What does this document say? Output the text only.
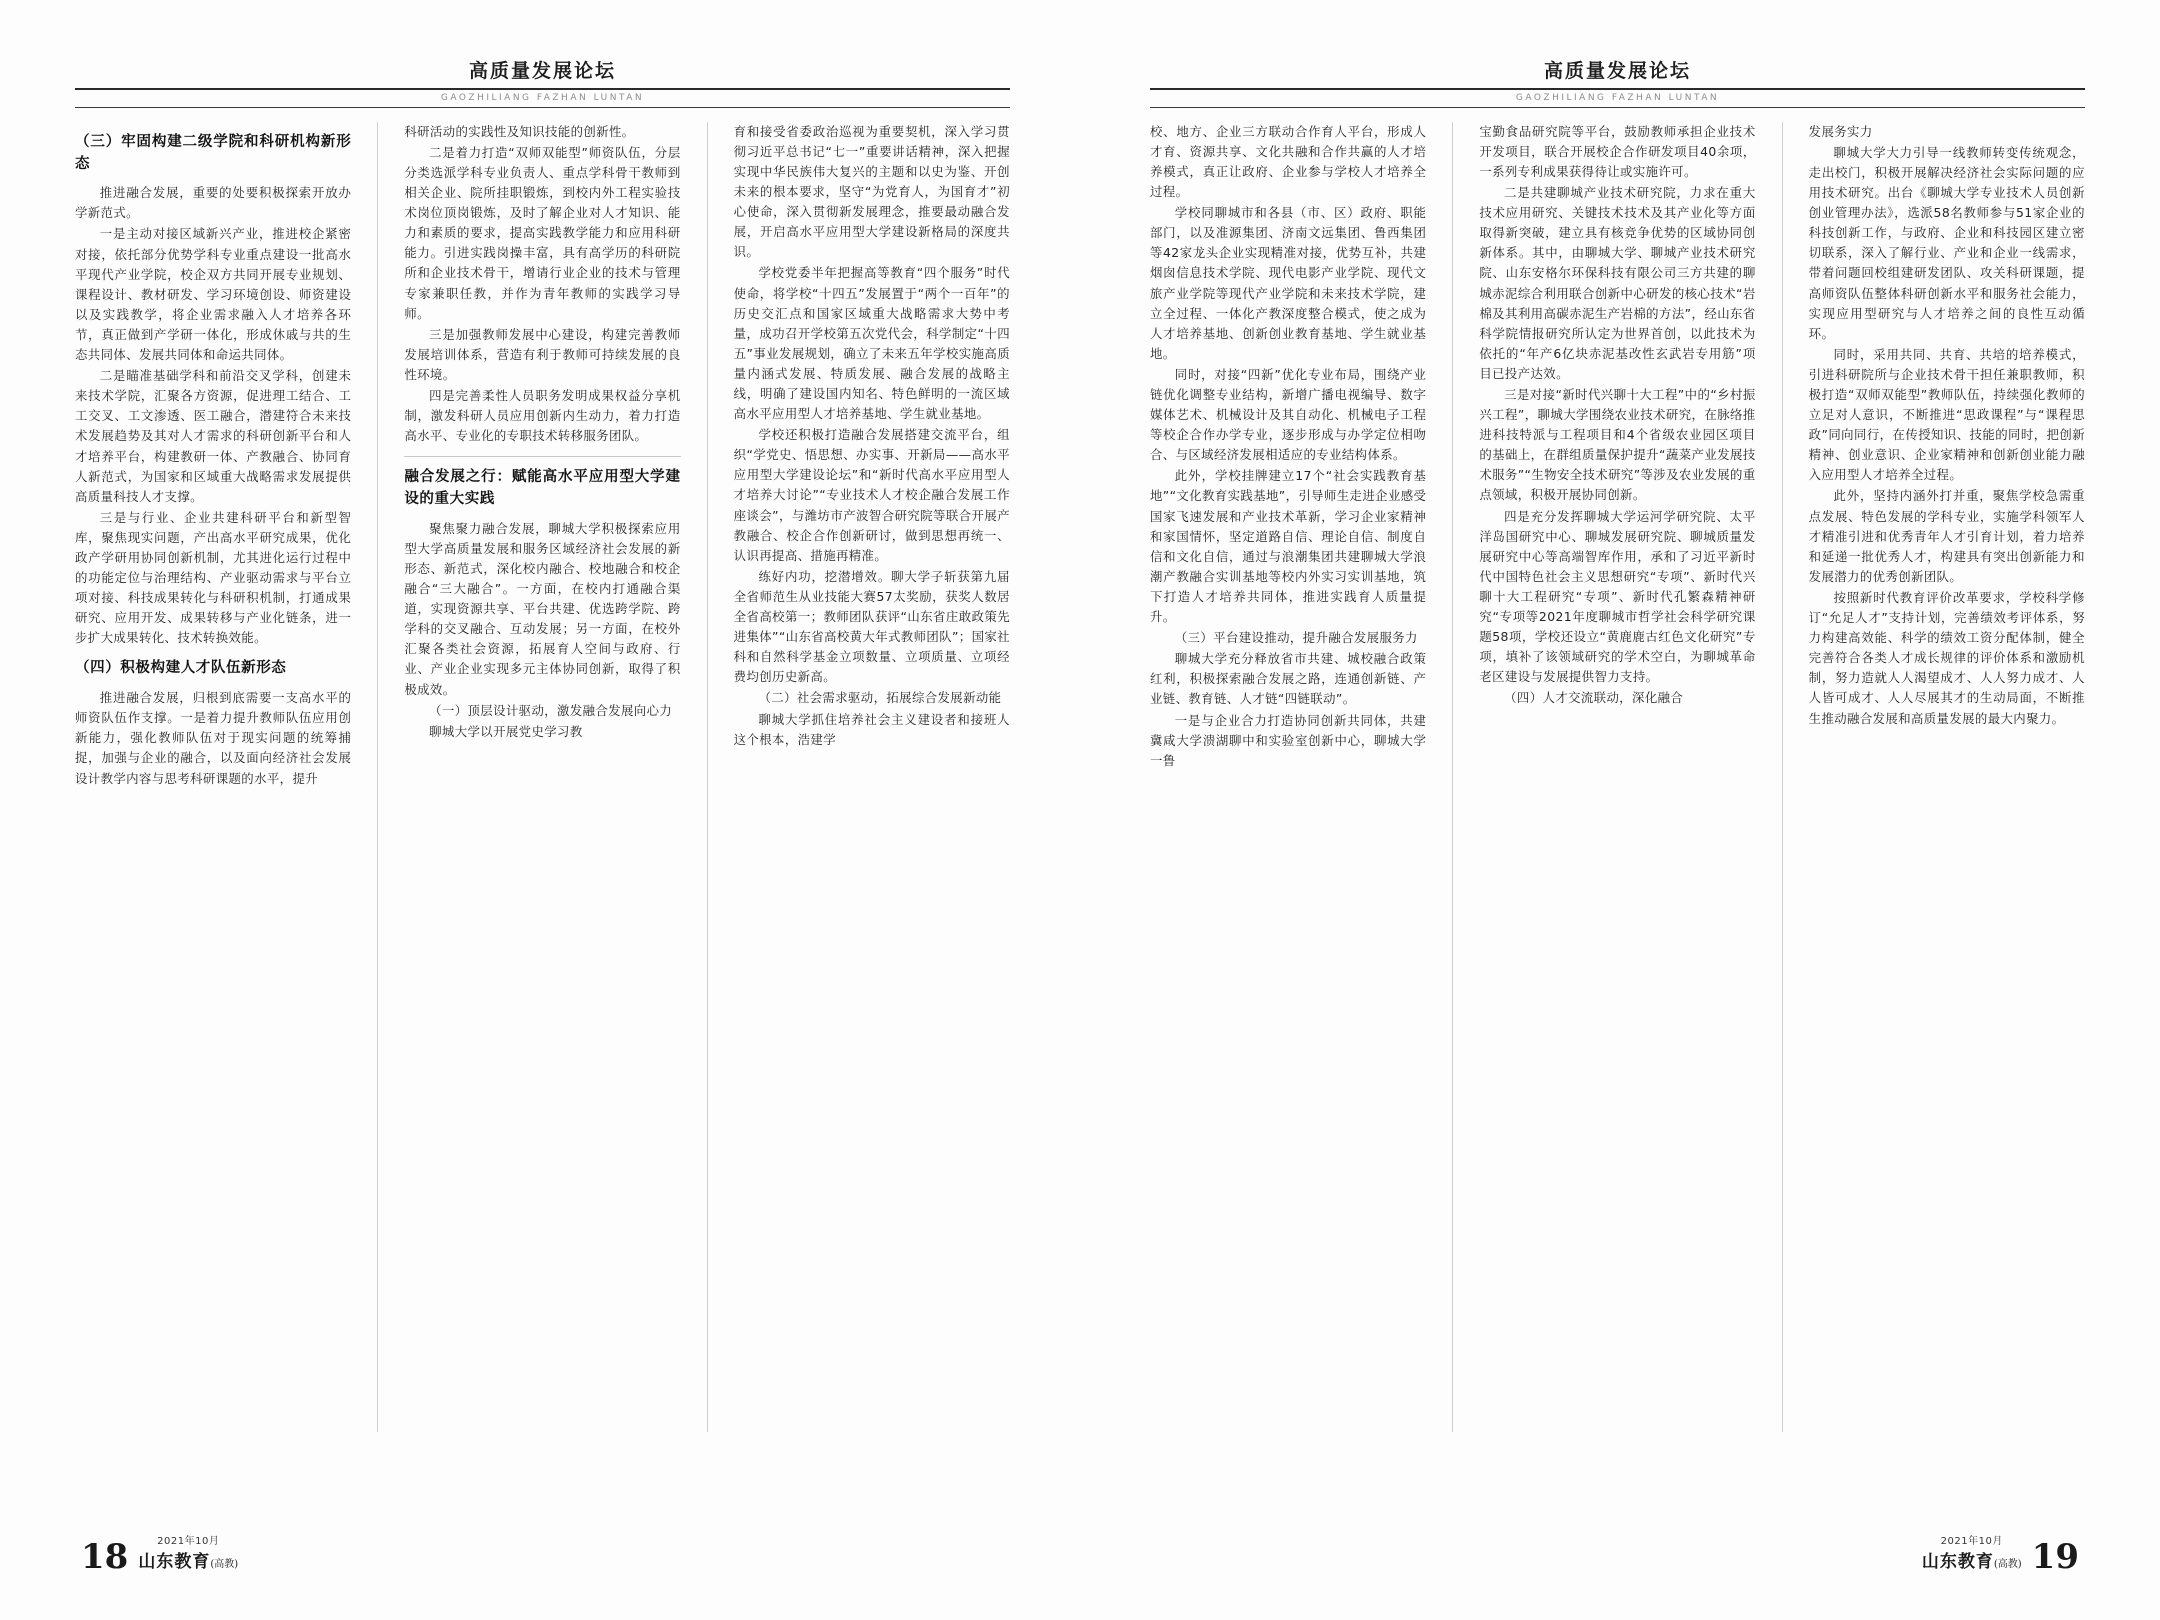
高质量发展论坛
GAOZHILIANG FAZHAN LUNTAN

（三）牢固构建二级学院和科研机构新形态

推进融合发展，重要的处要积极探索开放办学新范式。

一是主动对接区域新兴产业，推进校企紧密对接，依托部分优势学科专业重点建设一批高水平现代产业学院，校企双方共同开展专业规划、课程设计、教材研发、学习环境创设、师资建设以及实践教学，将企业需求融入人才培养各环节，真正做到产学研一体化，形成休戚与共的生态共同体、发展共同体和命运共同体。

二是瞄准基础学科和前沿交叉学科，创建未来技术学院，汇聚各方资源，促进理工结合、工工交叉、工文渗透、医工融合，潜建符合未来技术发展趋势及其对人才需求的科研创新平台和人才培养平台，构建教研一体、产教融合、协同育人新范式，为国家和区域重大战略需求发展提供高质量科技人才支撑。

三是与行业、企业共建科研平台和新型智库，聚焦现实问题，产出高水平研究成果，优化政产学研用协同创新机制，尤其进化运行过程中的功能定位与治理结构、产业驱动需求与平台立项对接、科技成果转化与科研积机制，打通成果研究、应用开发、成果转移与产业化链条，进一步扩大成果转化、技术转换效能。

（四）积极构建人才队伍新形态

推进融合发展，归根到底需要一支高水平的师资队伍作支撑。一是着力提升教师队伍应用创新能力，强化教师队伍对于现实问题的统筹捕捉，加强与企业的融合，以及面向经济社会发展设计教学内容与思考科研课题的水平，提升

科研活动的实践性及知识技能的创新性。

二是着力打造“双师双能型”师资队伍，分层分类选派学科专业负责人、重点学科骨干教师到相关企业、院所挂职锻炼，到校内外工程实验技术岗位顶岗锻炼，及时了解企业对人才知识、能力和素质的要求，提高实践教学能力和应用科研能力。引进实践岗操丰富，具有高学历的科研院所和企业技术骨干，增请行业企业的技术与管理专家兼职任教，并作为青年教师的实践学习导师。

三是加强教师发展中心建设，构建完善教师发展培训体系，营造有利于教师可持续发展的良性环境。

四是完善柔性人员职务发明成果权益分享机制，激发科研人员应用创新内生动力，着力打造高水平、专业化的专职技术转移服务团队。

融合发展之行：赋能高水平应用型大学建设的重大实践

聚焦聚力融合发展，聊城大学积极探索应用型大学高质量发展和服务区域经济社会发展的新形态、新范式，深化校内融合、校地融合和校企融合“三大融合”。一方面，在校内打通融合渠道，实现资源共享、平台共建、优选跨学院、跨学科的交叉融合、互动发展；另一方面，在校外汇聚各类社会资源，拓展育人空间与政府、行业、产业企业实现多元主体协同创新，取得了积极成效。

（一）顶层设计驱动，激发融合发展向心力

聊城大学以开展党史学习教

育和接受省委政治巡视为重要契机，深入学习贯彻习近平总书记“七一”重要讲话精神，深入把握实现中华民族伟大复兴的主题和以史为鉴、开创未来的根本要求，坚守“为党育人，为国育才”初心使命，深入贯彻新发展理念，推要最动融合发展，开启高水平应用型大学建设新格局的深度共识。

学校党委半年把握高等教育“四个服务”时代使命，将学校“十四五”发展置于“两个一百年”的历史交汇点和国家区域重大战略需求大势中考量，成功召开学校第五次党代会，科学制定“十四五”事业发展规划，确立了未来五年学校实施高质量内涵式发展、特质发展、融合发展的战略主线，明确了建设国内知名、特色鲜明的一流区域高水平应用型人才培养基地、学生就业基地。

学校还积极打造融合发展搭建交流平台，组织“学党史、悟思想、办实事、开新局——高水平应用型大学建设论坛”和“新时代高水平应用型人才培养大讨论”“专业技术人才校企融合发展工作座谈会”，与潍坊市产波智合研究院等联合开展产教融合、校企合作创新研讨，做到思想再统一、认识再提高、措施再精准。

练好内功，挖潜增效。聊大学子斩获第九届全省师范生从业技能大赛57太奖励，获奖人数居全省高校第一；教师团队获评“山东省庄敢政策先进集体”“山东省高校黄大年式教师团队”；国家社科和自然科学基金立项数量、立项质量、立项经费均创历史新高。

（二）社会需求驱动，拓展综合发展新动能

聊城大学抓住培养社会主义建设者和接班人这个根本，浩建学

18	2021年10月
山东教育(高教)
高质量发展论坛
GAOZHILIANG FAZHAN LUNTAN

校、地方、企业三方联动合作育人平台，形成人才育、资源共享、文化共融和合作共赢的人才培养模式，真正让政府、企业参与学校人才培养全过程。

学校同聊城市和各县（市、区）政府、职能部门，以及准源集团、济南文远集团、鲁西集团等42家龙头企业实现精准对接，优势互补，共建烟囱信息技术学院、现代电影产业学院、现代文旅产业学院等现代产业学院和未来技术学院，建立全过程、一体化产教深度整合模式，使之成为人才培养基地、创新创业教育基地、学生就业基地。

同时，对接“四新”优化专业布局，围绕产业链优化调整专业结构，新增广播电视编导、数字媒体艺术、机械设计及其自动化、机械电子工程等校企合作办学专业，逐步形成与办学定位相吻合、与区域经济发展相适应的专业结构体系。

此外，学校挂牌建立17个“社会实践教育基地”“文化教育实践基地”，引导师生走进企业感受国家飞速发展和产业技术革新，学习企业家精神和家国情怀，坚定道路自信、理论自信、制度自信和文化自信，通过与浪潮集团共建聊城大学浪潮产教融合实训基地等校内外实习实训基地，筑下打造人才培养共同体，推进实践育人质量提升。

（三）平台建设推动，提升融合发展服务力

聊城大学充分释放省市共建、城校融合政策红利，积极探索融合发展之路，连通创新链、产业链、教育链、人才链“四链联动”。

一是与企业合力打造协同创新共同体，共建冀咸大学溃湖聊中和实验室创新中心，聊城大学一鲁

宝勤食品研究院等平台，鼓励教师承担企业技术开发项目，联合开展校企合作研发项目40余项，一系列专利成果获得待让或实施许可。

二是共建聊城产业技术研究院，力求在重大技术应用研究、关键技术技术及其产业化等方面取得新突破，建立具有核竞争优势的区域协同创新体系。其中，由聊城大学、聊城产业技术研究院、山东安格尔环保科技有限公司三方共建的聊城赤泥综合利用联合创新中心研发的核心技术“岩棉及其利用高碳赤泥生产岩棉的方法”，经山东省科学院情报研究所认定为世界首创，以此技术为依托的“年产6亿块赤泥基改性玄武岩专用筋”项目已投产达效。

三是对接“新时代兴聊十大工程”中的“乡村振兴工程”，聊城大学围绕农业技术研究，在脉络推进科技特派与工程项目和4个省级农业园区项目的基础上，在群组质量保护提升“蔬菜产业发展技术服务”“生物安全技术研究”等涉及农业发展的重点领域，积极开展协同创新。

四是充分发挥聊城大学运河学研究院、太平洋岛国研究中心、聊城发展研究院、聊城质量发展研究中心等高端智库作用，承和了习近平新时代中国特色社会主义思想研究“专项”、新时代兴聊十大工程研究“专项”、新时代孔繁森精神研究“专项等2021年度聊城市哲学社会科学研究课题58项，学校还设立“黄鹿鹿古红色文化研究”专项，填补了该领域研究的学术空白，为聊城革命老区建设与发展提供智力支持。

（四）人才交流联动，深化融合

发展务实力

聊城大学大力引导一线教师转变传统观念，走出校门，积极开展解决经济社会实际问题的应用技术研究。出台《聊城大学专业技术人员创新创业管理办法》，选派58名教师参与51家企业的科技创新工作，与政府、企业和科技园区建立密切联系，深入了解行业、产业和企业一线需求，带着问题回校组建研发团队、攻关科研课题，提高师资队伍整体科研创新水平和服务社会能力，实现应用型研究与人才培养之间的良性互动循环。

同时，采用共同、共育、共培的培养模式，引进科研院所与企业技术骨干担任兼职教师，积极打造“双师双能型”教师队伍，持续强化教师的立足对人意识，不断推进“思政课程”与“课程思政”同向同行，在传授知识、技能的同时，把创新精神、创业意识、企业家精神和创新创业能力融入应用型人才培养全过程。

此外，坚持内涵外打并重，聚焦学校急需重点发展、特色发展的学科专业，实施学科领军人才精准引进和优秀青年人才引育计划，着力培养和延递一批优秀人才，构建具有突出创新能力和发展潜力的优秀创新团队。

按照新时代教育评价改革要求，学校科学修订“允足人才”支持计划，完善绩效考评体系，努力构建高效能、科学的绩效工资分配体制，健全完善符合各类人才成长规律的评价体系和激励机制，努力造就人人渴望成才、人人努力成才、人人皆可成才、人人尽展其才的生动局面，不断推生推动融合发展和高质量发展的最大内聚力。

19
2021年10月
山东教育(高教)
